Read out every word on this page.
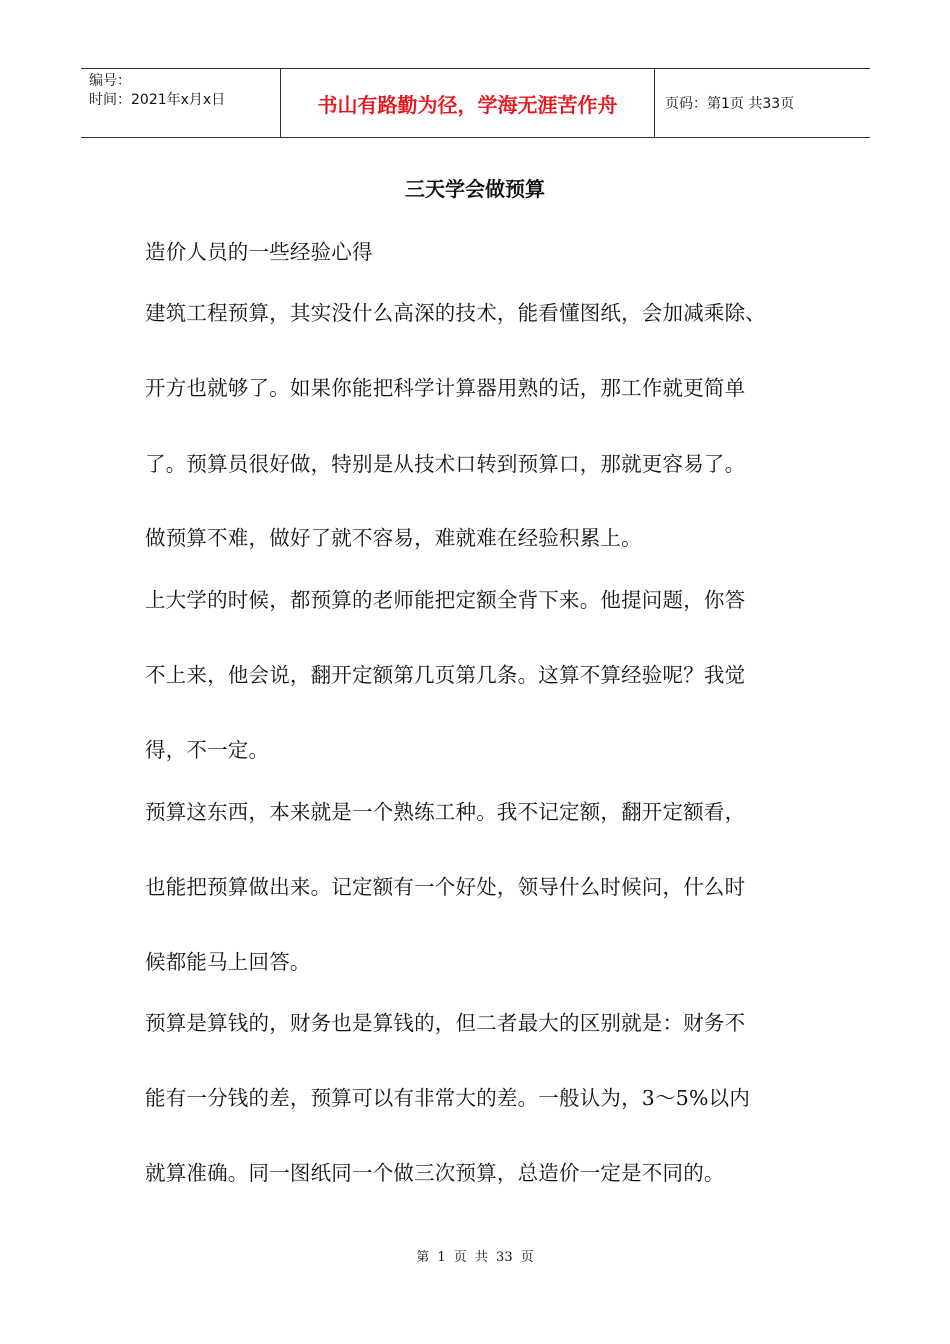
编号：
时间：2021年x月x日	书山有路勤为径，学海无涯苦作舟	页码：第1页 共33页
三天学会做预算
造价人员的一些经验心得
建筑工程预算，其实没什么高深的技术，能看懂图纸，会加减乘除、
开方也就够了。如果你能把科学计算器用熟的话，那工作就更简单
了。预算员很好做，特别是从技术口转到预算口，那就更容易了。
做预算不难，做好了就不容易，难就难在经验积累上。
上大学的时候，都预算的老师能把定额全背下来。他提问题，你答
不上来，他会说，翻开定额第几页第几条。这算不算经验呢？我觉
得，不一定。
预算这东西，本来就是一个熟练工种。我不记定额，翻开定额看，
也能把预算做出来。记定额有一个好处，领导什么时候问，什么时
候都能马上回答。
预算是算钱的，财务也是算钱的，但二者最大的区别就是：财务不
能有一分钱的差，预算可以有非常大的差。一般认为，3～5%以内
就算准确。同一图纸同一个做三次预算，总造价一定是不同的。
第 1 页 共 33 页
